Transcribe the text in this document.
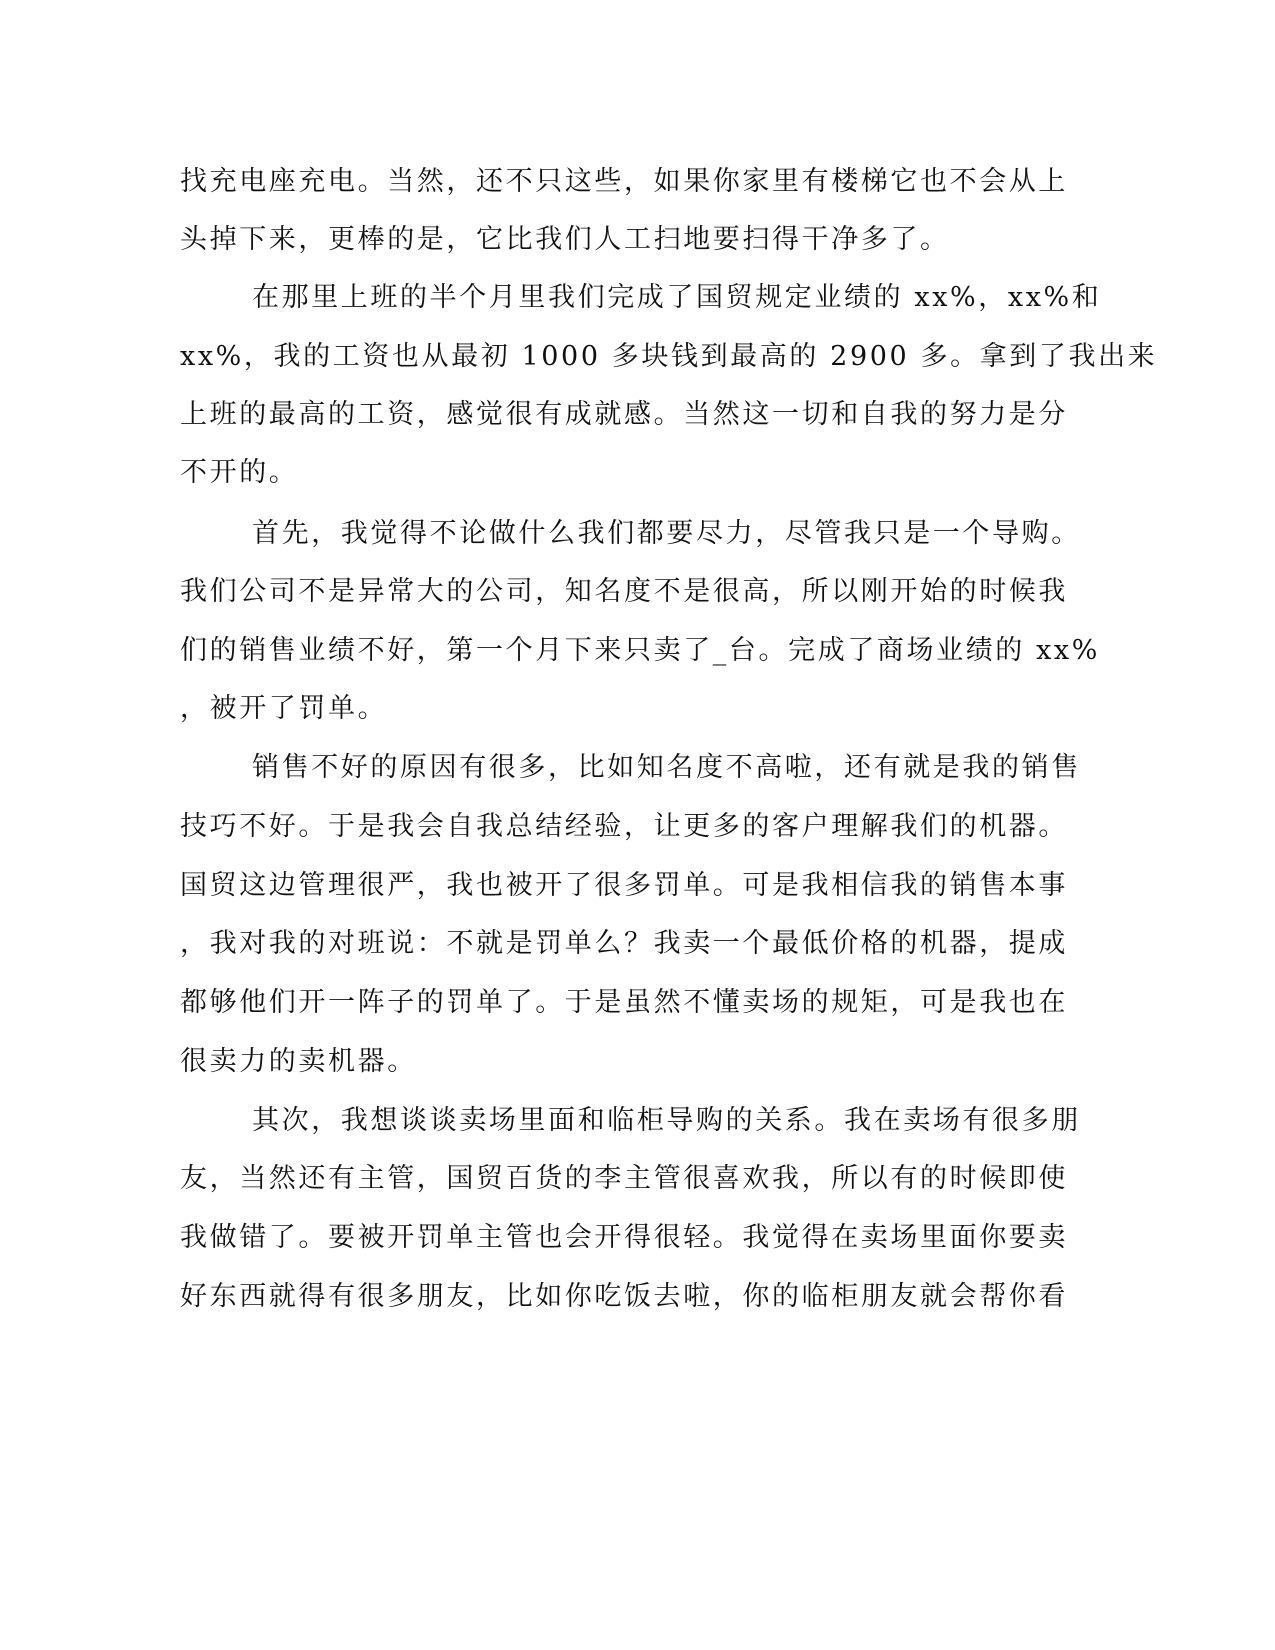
找充电座充电。当然，还不只这些，如果你家里有楼梯它也不会从上
头掉下来，更棒的是，它比我们人工扫地要扫得干净多了。
在那里上班的半个月里我们完成了国贸规定业绩的 xx%，xx%和
xx%，我的工资也从最初 1000 多块钱到最高的 2900 多。拿到了我出来
上班的最高的工资，感觉很有成就感。当然这一切和自我的努力是分
不开的。
首先，我觉得不论做什么我们都要尽力，尽管我只是一个导购。
我们公司不是异常大的公司，知名度不是很高，所以刚开始的时候我
们的销售业绩不好，第一个月下来只卖了_台。完成了商场业绩的 xx%
，被开了罚单。
销售不好的原因有很多，比如知名度不高啦，还有就是我的销售
技巧不好。于是我会自我总结经验，让更多的客户理解我们的机器。
国贸这边管理很严，我也被开了很多罚单。可是我相信我的销售本事
，我对我的对班说：不就是罚单么？我卖一个最低价格的机器，提成
都够他们开一阵子的罚单了。于是虽然不懂卖场的规矩，可是我也在
很卖力的卖机器。
其次，我想谈谈卖场里面和临柜导购的关系。我在卖场有很多朋
友，当然还有主管，国贸百货的李主管很喜欢我，所以有的时候即使
我做错了。要被开罚单主管也会开得很轻。我觉得在卖场里面你要卖
好东西就得有很多朋友，比如你吃饭去啦，你的临柜朋友就会帮你看
